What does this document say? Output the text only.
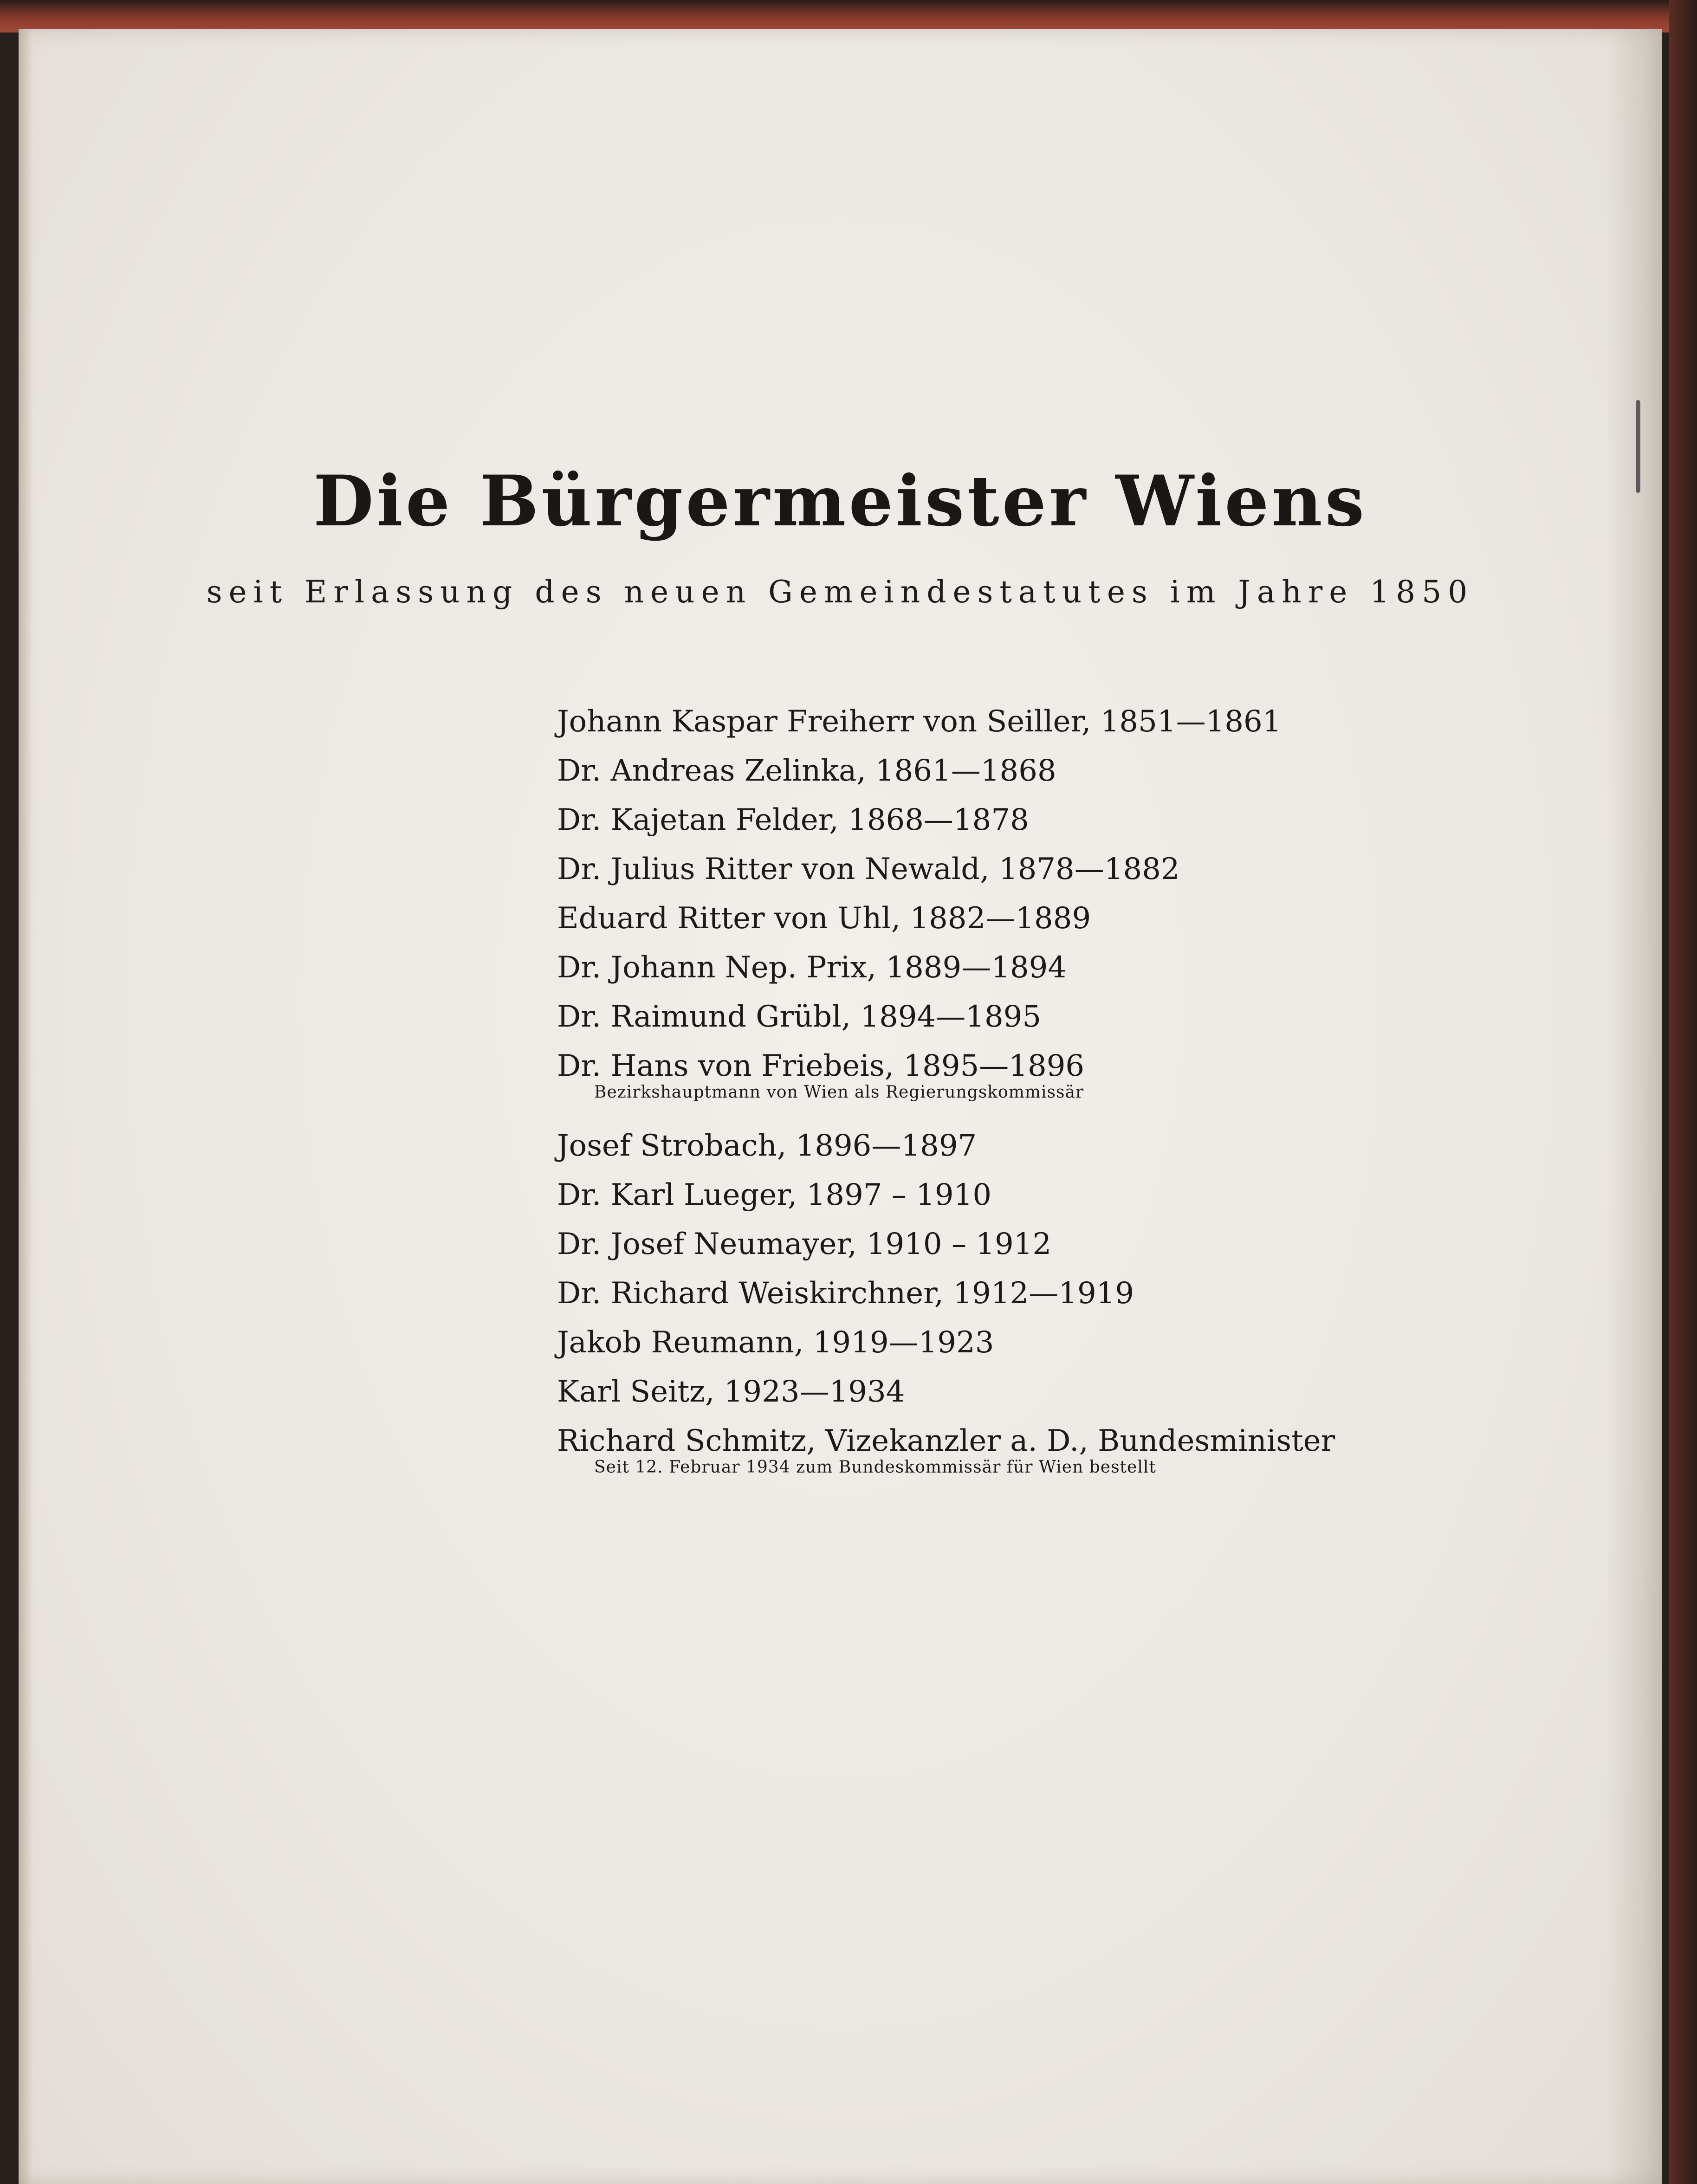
Die Bürgermeister Wiens

seit Erlassung des neuen Gemeindestatutes im Jahre 1850

Johann Kaspar Freiherr von Seiller, 1851—1861
Dr. Andreas Zelinka, 1861—1868
Dr. Kajetan Felder, 1868—1878
Dr. Julius Ritter von Newald, 1878—1882
Eduard Ritter von Uhl, 1882—1889
Dr. Johann Nep. Prix, 1889—1894
Dr. Raimund Grübl, 1894—1895
Dr. Hans von Friebeis, 1895—1896
Bezirkshauptmann von Wien als Regierungskommissär
Josef Strobach, 1896—1897
Dr. Karl Lueger, 1897 – 1910
Dr. Josef Neumayer, 1910 – 1912
Dr. Richard Weiskirchner, 1912—1919
Jakob Reumann, 1919—1923
Karl Seitz, 1923—1934
Richard Schmitz, Vizekanzler a. D., Bundesminister
Seit 12. Februar 1934 zum Bundeskommissär für Wien bestellt
